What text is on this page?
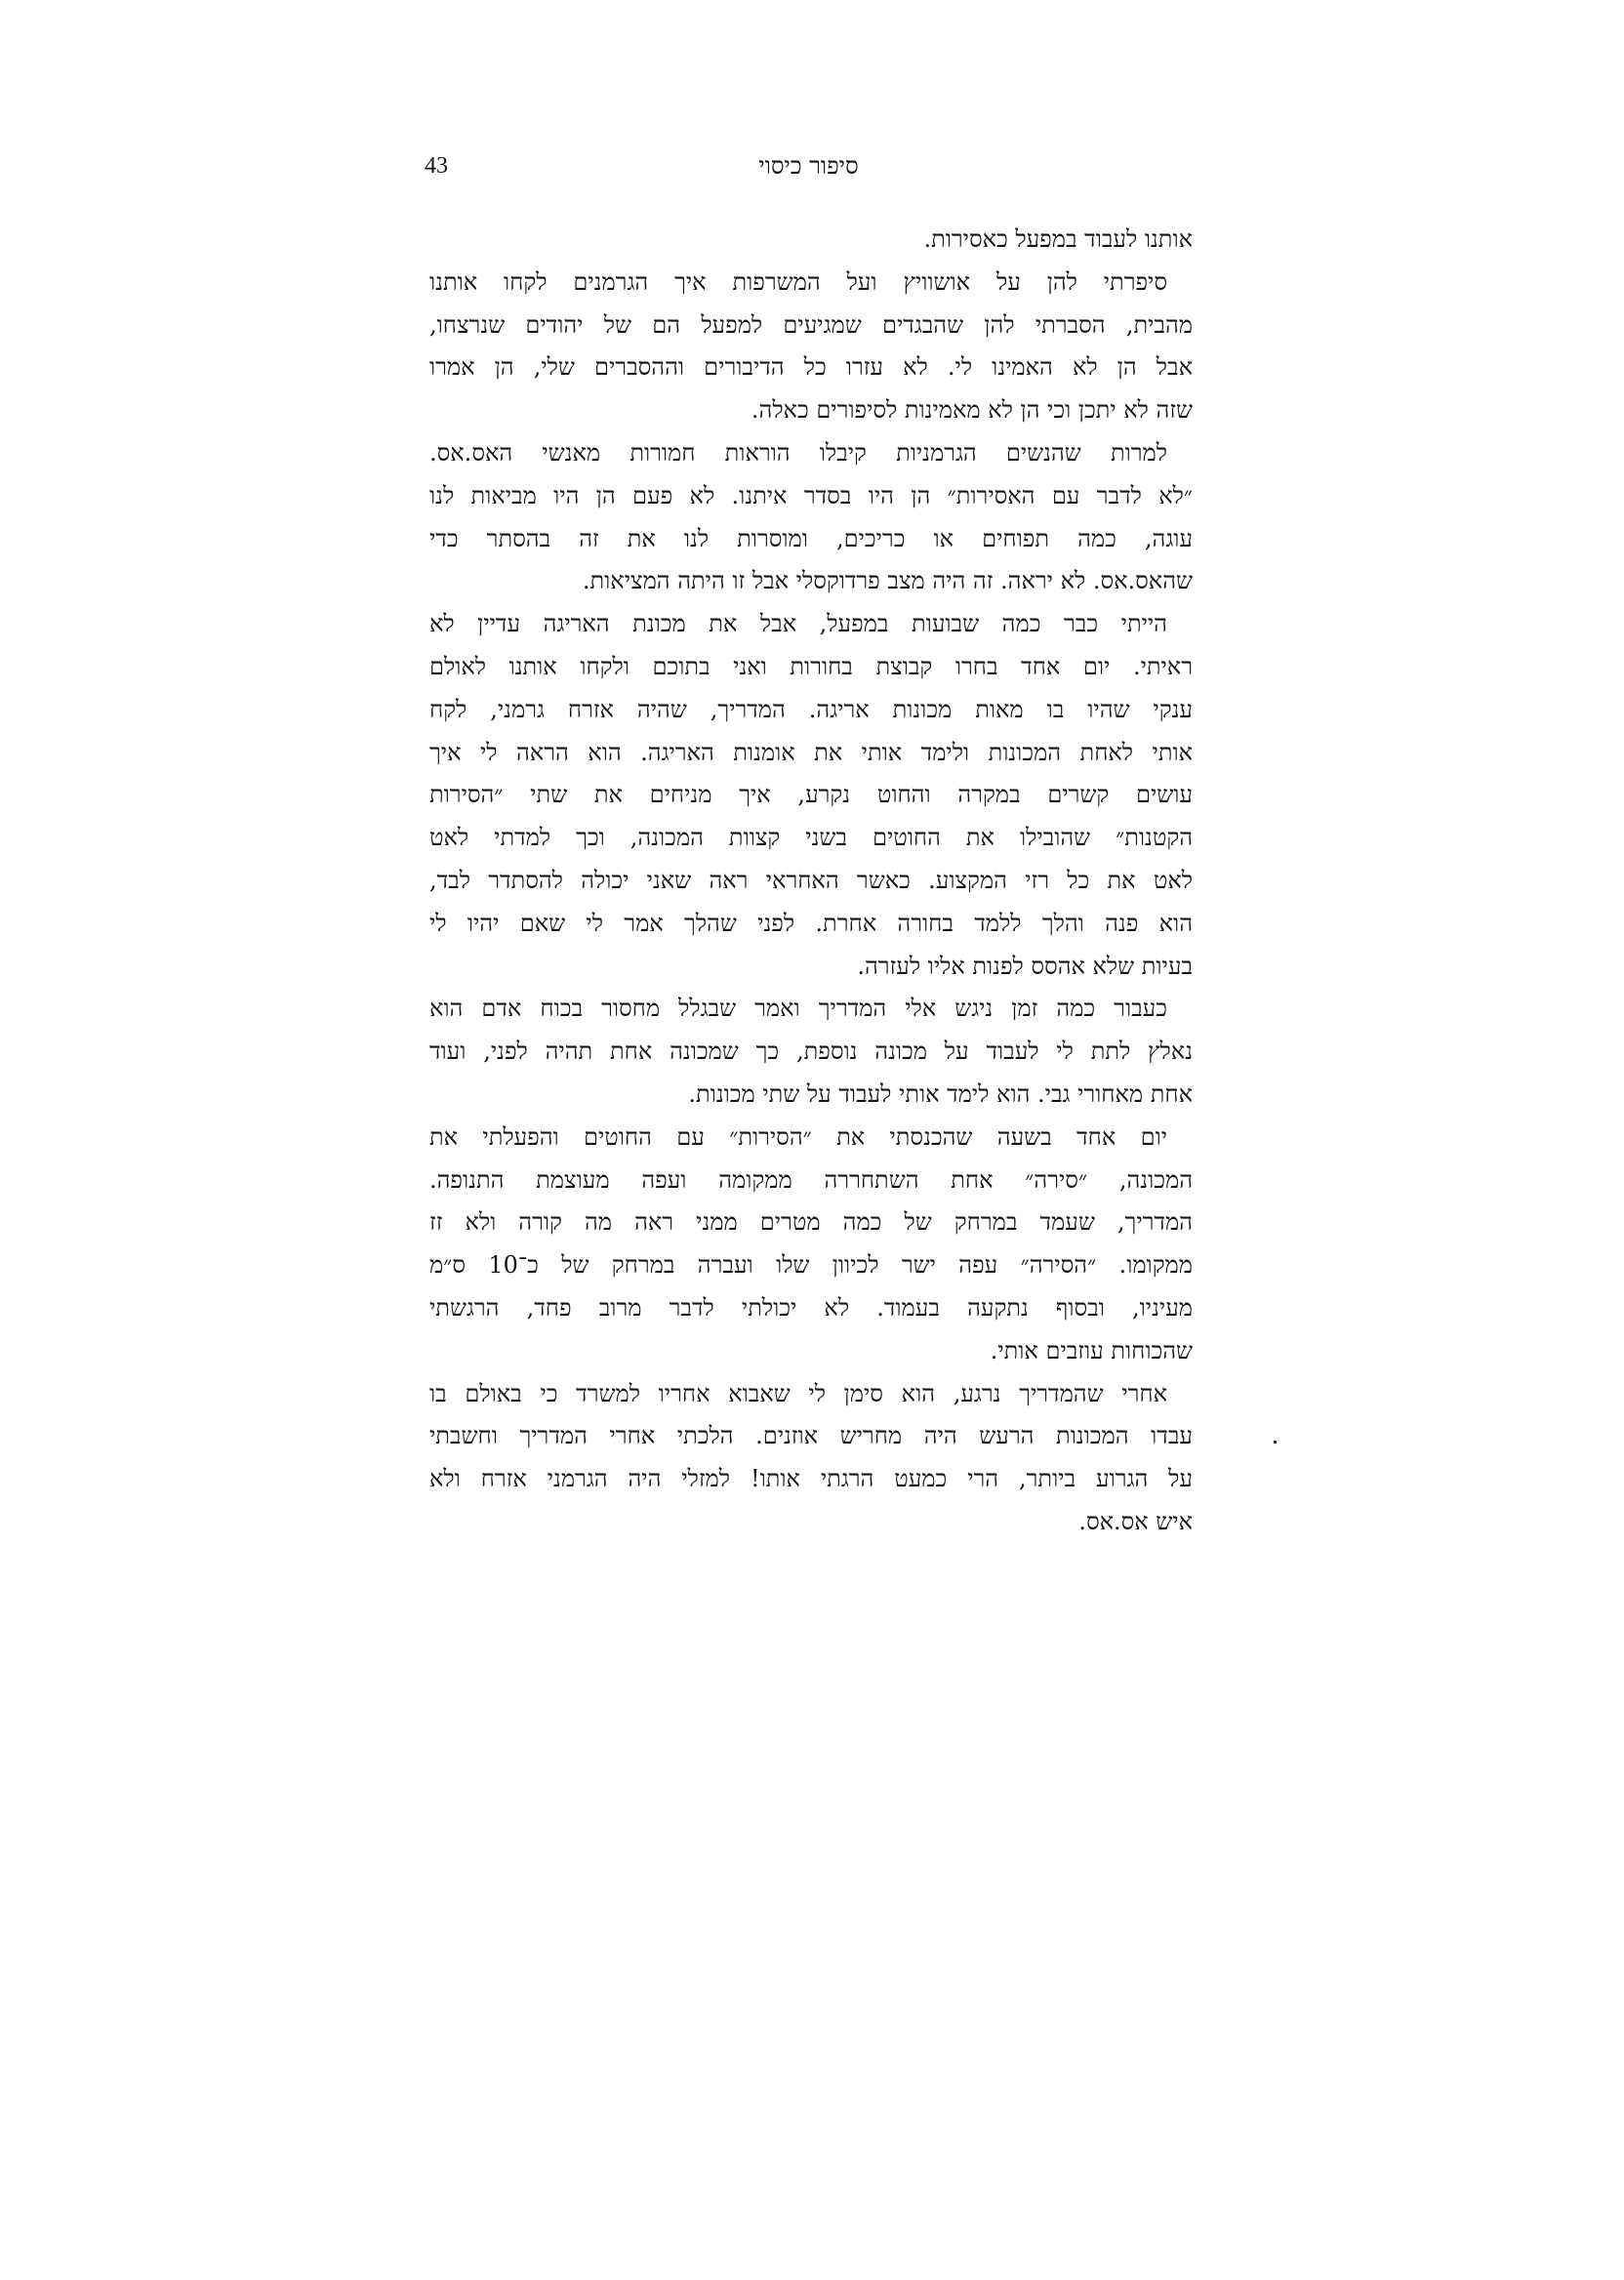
43	סיפור כיסוי
אותנו לעבוד במפעל כאסירות.
סיפרתי להן על אושוויץ ועל המשרפות איך הגרמנים לקחו אותנו
מהבית, הסברתי להן שהבגדים שמגיעים למפעל הם של יהודים שנרצחו,
אבל הן לא האמינו לי. לא עזרו כל הדיבורים וההסברים שלי, הן אמרו
שזה לא יתכן וכי הן לא מאמינות לסיפורים כאלה.
למרות שהנשים הגרמניות קיבלו הוראות חמורות מאנשי האס.אס.
״לא לדבר עם האסירות״ הן היו בסדר איתנו. לא פעם הן היו מביאות לנו
עוגה, כמה תפוחים או כריכים, ומוסרות לנו את זה בהסתר כדי
שהאס.אס. לא יראה. זה היה מצב פרדוקסלי אבל זו היתה המציאות.
הייתי כבר כמה שבועות במפעל, אבל את מכונת האריגה עדיין לא
ראיתי. יום אחד בחרו קבוצת בחורות ואני בתוכם ולקחו אותנו לאולם
ענקי שהיו בו מאות מכונות אריגה. המדריך, שהיה אזרח גרמני, לקח
אותי לאחת המכונות ולימד אותי את אומנות האריגה. הוא הראה לי איך
עושים קשרים במקרה והחוט נקרע, איך מניחים את שתי ״הסירות
הקטנות״ שהובילו את החוטים בשני קצוות המכונה, וכך למדתי לאט
לאט את כל רזי המקצוע. כאשר האחראי ראה שאני יכולה להסתדר לבד,
הוא פנה והלך ללמד בחורה אחרת. לפני שהלך אמר לי שאם יהיו לי
בעיות שלא אהסס לפנות אליו לעזרה.
כעבור כמה זמן ניגש אלי המדריך ואמר שבגלל מחסור בכוח אדם הוא
נאלץ לתת לי לעבוד על מכונה נוספת, כך שמכונה אחת תהיה לפני, ועוד
אחת מאחורי גבי. הוא לימד אותי לעבוד על שתי מכונות.
יום אחד בשעה שהכנסתי את ״הסירות״ עם החוטים והפעלתי את
המכונה, ״סירה״ אחת השתחררה ממקומה ועפה מעוצמת התנופה.
המדריך, שעמד במרחק של כמה מטרים ממני ראה מה קורה ולא זז
ממקומו. ״הסירה״ עפה ישר לכיוון שלו ועברה במרחק של כ־10 ס״מ
מעיניו, ובסוף נתקעה בעמוד. לא יכולתי לדבר מרוב פחד, הרגשתי
שהכוחות עוזבים אותי.
אחרי שהמדריך נרגע, הוא סימן לי שאבוא אחריו למשרד כי באולם בו
עבדו המכונות הרעש היה מחריש אוזנים. הלכתי אחרי המדריך וחשבתי
על הגרוע ביותר, הרי כמעט הרגתי אותו! למזלי היה הגרמני אזרח ולא
איש אס.אס.
